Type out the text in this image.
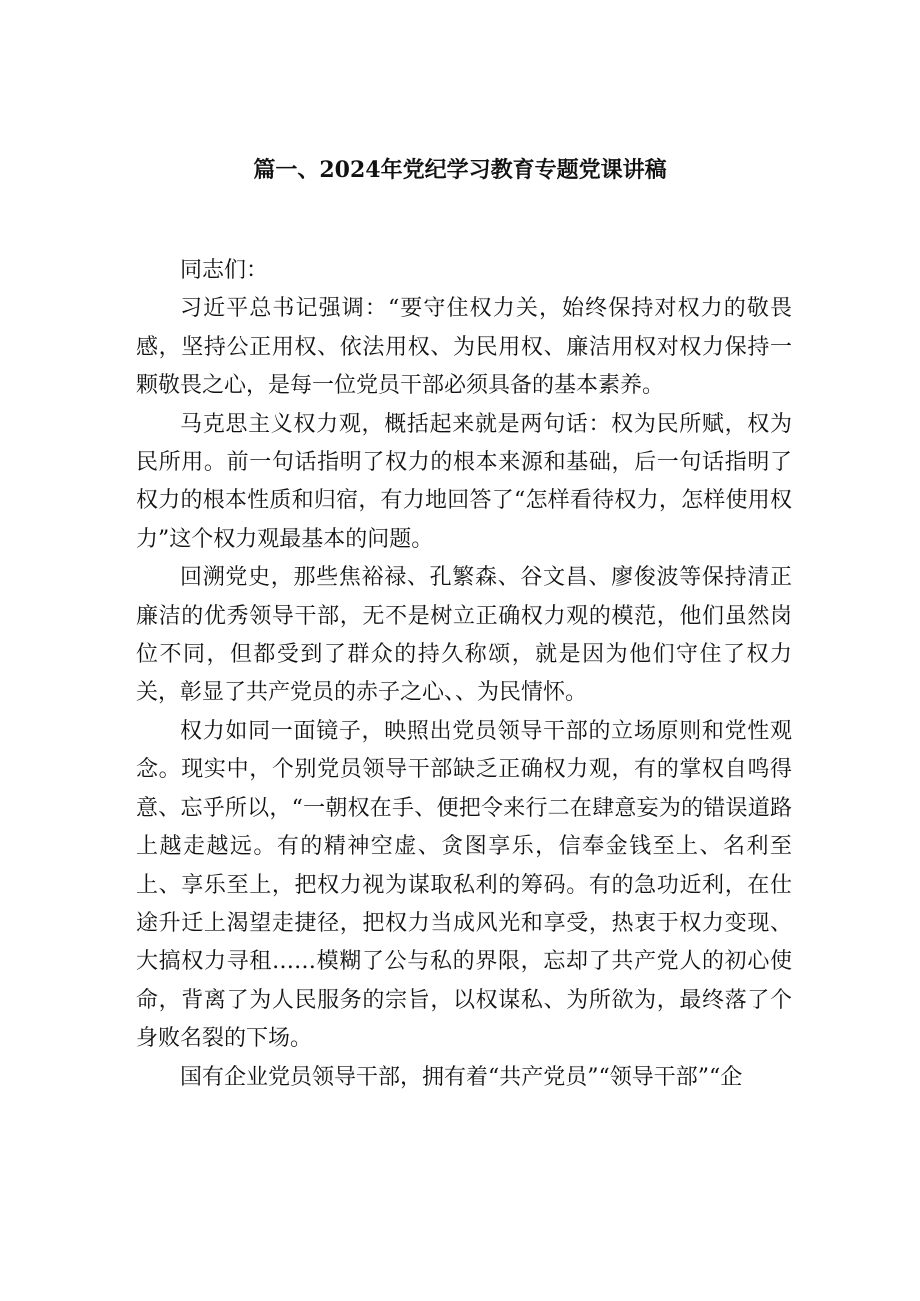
篇一、2024年党纪学习教育专题党课讲稿

同志们：

习近平总书记强调：“要守住权力关，始终保持对权力的敬畏感，坚持公正用权、依法用权、为民用权、廉洁用权对权力保持一颗敬畏之心，是每一位党员干部必须具备的基本素养。

马克思主义权力观，概括起来就是两句话：权为民所赋，权为民所用。前一句话指明了权力的根本来源和基础，后一句话指明了权力的根本性质和归宿，有力地回答了“怎样看待权力，怎样使用权力”这个权力观最基本的问题。

回溯党史，那些焦裕禄、孔繁森、谷文昌、廖俊波等保持清正廉洁的优秀领导干部，无不是树立正确权力观的模范，他们虽然岗位不同，但都受到了群众的持久称颂，就是因为他们守住了权力关，彰显了共产党员的赤子之心、、为民情怀。

权力如同一面镜子，映照出党员领导干部的立场原则和党性观念。现实中，个别党员领导干部缺乏正确权力观，有的掌权自鸣得意、忘乎所以，“一朝权在手、便把令来行二在肆意妄为的错误道路上越走越远。有的精神空虚、贪图享乐，信奉金钱至上、名利至上、享乐至上，把权力视为谋取私利的筹码。有的急功近利，在仕途升迁上渴望走捷径，把权力当成风光和享受，热衷于权力变现、大搞权力寻租……模糊了公与私的界限，忘却了共产党人的初心使命，背离了为人民服务的宗旨，以权谋私、为所欲为，最终落了个身败名裂的下场。

国有企业党员领导干部，拥有着“共产党员”“领导干部”“企
